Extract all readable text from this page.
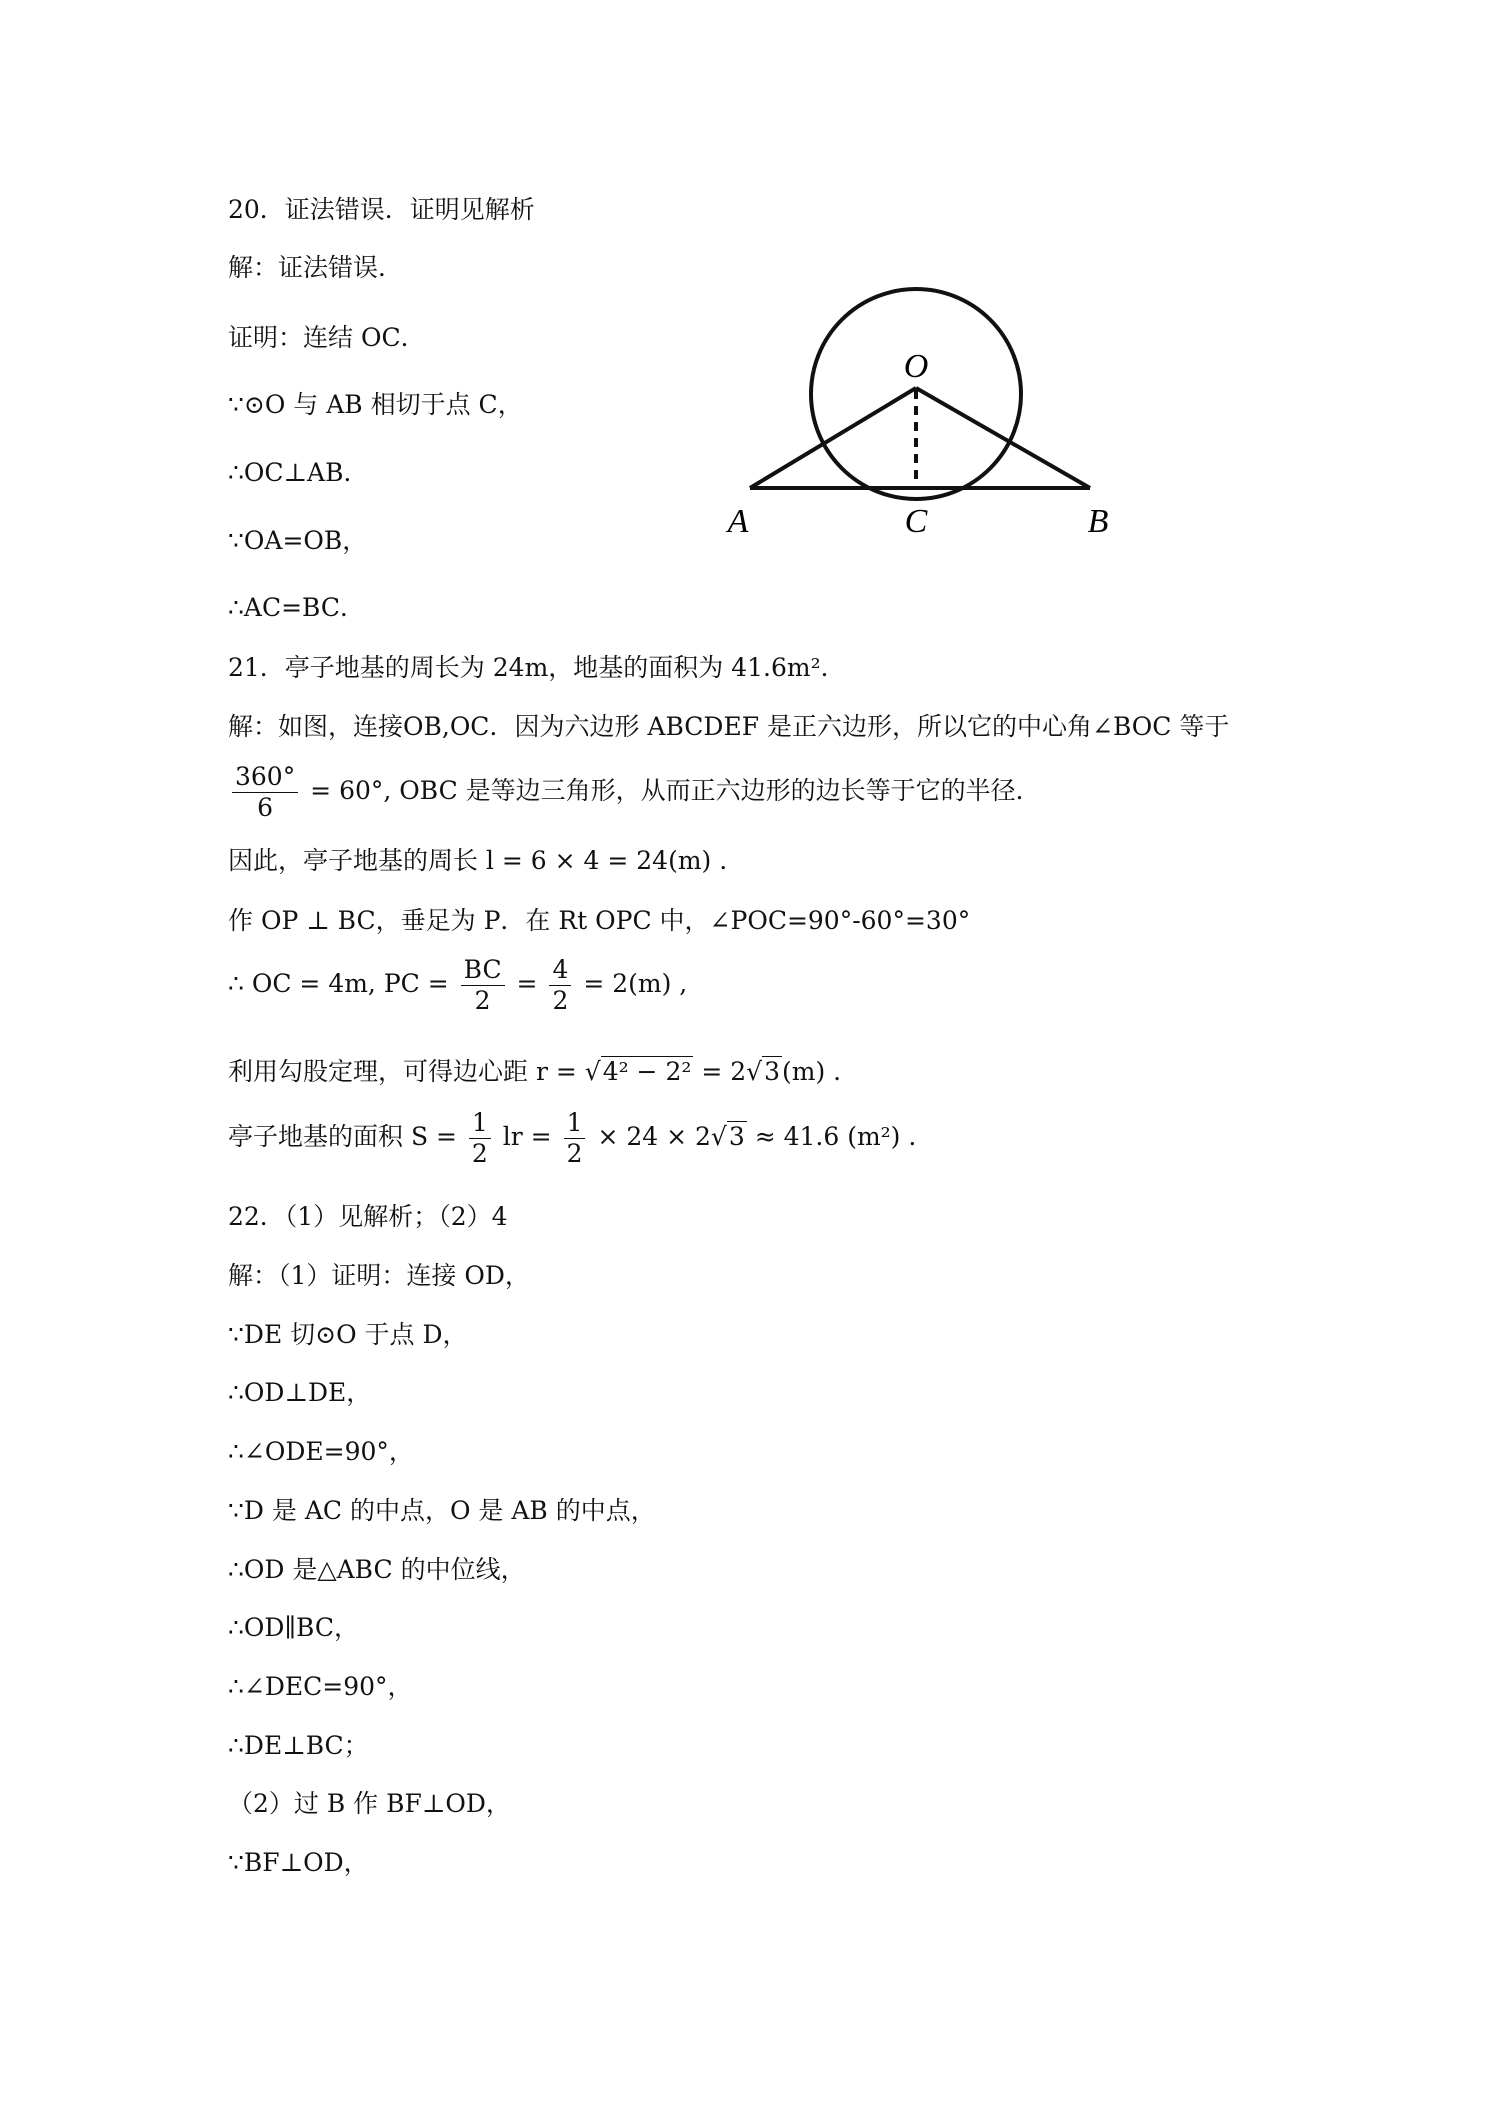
20．证法错误．证明见解析
解：证法错误．
证明：连结 OC．
∵⊙O 与 AB 相切于点 C，
∴OC⊥AB．
∵OA=OB，
∴AC=BC．
O
A	C	B
21．亭子地基的周长为 24m，地基的面积为 41.6m²．
解：如图，连接OB,OC．因为六边形 ABCDEF 是正六边形，所以它的中心角∠BOC 等于
$\frac{360^\circ}{6} = 60^\circ$, OBC 是等边三角形，从而正六边形的边长等于它的半径．
因此，亭子地基的周长 l = 6 × 4 = 24(m) .
作 OP ⊥ BC，垂足为 P．在 Rt OPC 中，∠POC=90°-60°=30°
∴ OC = 4m, PC = $\frac{BC}{2} = \frac{4}{2} = 2(m)$ ,
利用勾股定理，可得边心距 r = √4² − 2² = 2√3(m) .
亭子地基的面积 $S = \frac{1}{2}$ lr = $\frac{1}{2} \times 24 \times 2√3 \approx 41.6$ (m²) .
22．（1）见解析；（2）4
解：（1）证明：连接 OD，
∵DE 切⊙O 于点 D，
∴OD⊥DE，
∴∠ODE=90°，
∵D 是 AC 的中点，O 是 AB 的中点，
∴OD 是△ABC 的中位线，
∴OD∥BC，
∴∠DEC=90°，
∴DE⊥BC；
（2）过 B 作 BF⊥OD，
∵BF⊥OD，
